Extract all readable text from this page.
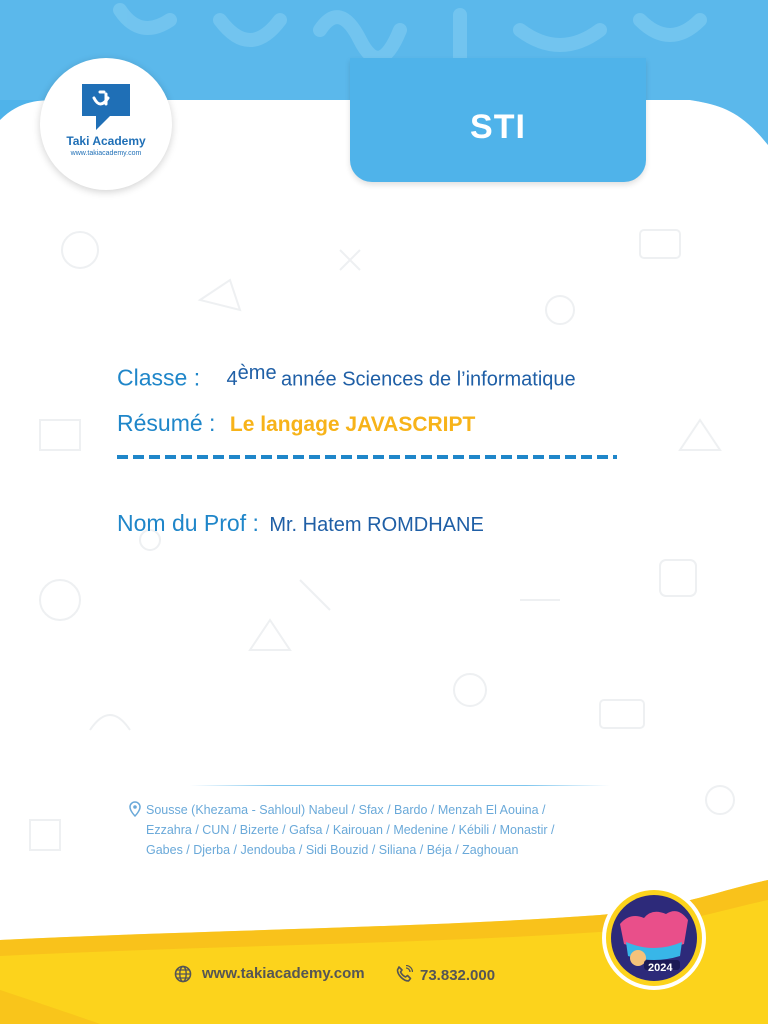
Taki Academy
www.takiacademy.com
STI
Classe : 4ème année Sciences de l’informatique
Résumé : Le langage JAVASCRIPT
Nom du Prof : Mr. Hatem ROMDHANE
Sousse (Khezama - Sahloul) Nabeul / Sfax / Bardo / Menzah El Aouina /
Ezzahra / CUN / Bizerte / Gafsa / Kairouan / Medenine / Kébili / Monastir /
Gabes / Djerba / Jendouba / Sidi Bouzid / Siliana / Béja / Zaghouan
www.takiacademy.com	73.832.000	2024
